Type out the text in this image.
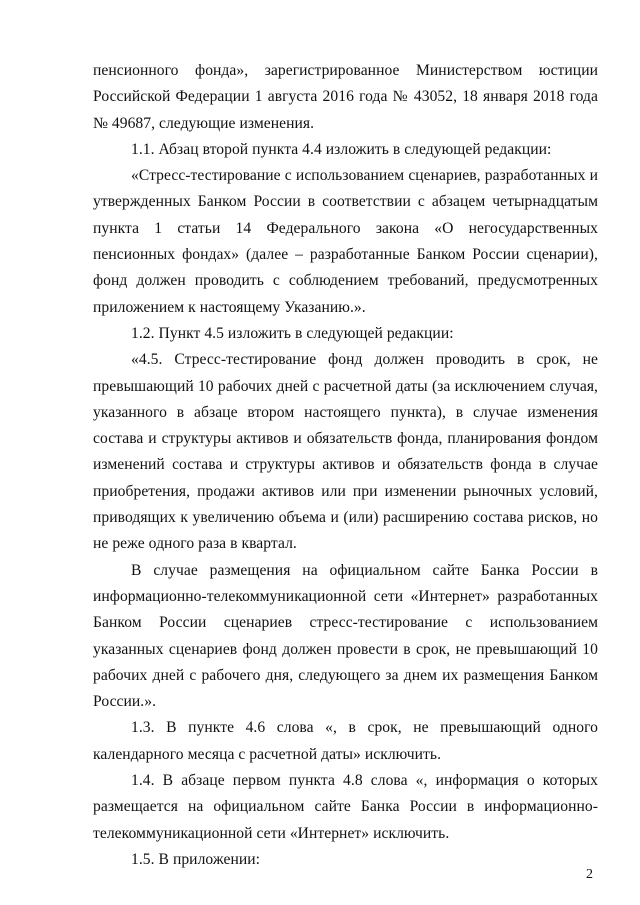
пенсионного фонда», зарегистрированное Министерством юстиции Российской Федерации 1 августа 2016 года № 43052, 18 января 2018 года № 49687, следующие изменения.

1.1. Абзац второй пункта 4.4 изложить в следующей редакции:

«Стресс-тестирование с использованием сценариев, разработанных и утвержденных Банком России в соответствии с абзацем четырнадцатым пункта 1 статьи 14 Федерального закона «О негосударственных пенсионных фондах» (далее – разработанные Банком России сценарии), фонд должен проводить с соблюдением требований, предусмотренных приложением к настоящему Указанию.».

1.2. Пункт 4.5 изложить в следующей редакции:

«4.5. Стресс-тестирование фонд должен проводить в срок, не превышающий 10 рабочих дней с расчетной даты (за исключением случая, указанного в абзаце втором настоящего пункта), в случае изменения состава и структуры активов и обязательств фонда, планирования фондом изменений состава и структуры активов и обязательств фонда в случае приобретения, продажи активов или при изменении рыночных условий, приводящих к увеличению объема и (или) расширению состава рисков, но не реже одного раза в квартал.

В случае размещения на официальном сайте Банка России в информационно-телекоммуникационной сети «Интернет» разработанных Банком России сценариев стресс-тестирование с использованием указанных сценариев фонд должен провести в срок, не превышающий 10 рабочих дней с рабочего дня, следующего за днем их размещения Банком России.».

1.3. В пункте 4.6 слова «, в срок, не превышающий одного календарного месяца с расчетной даты» исключить.

1.4. В абзаце первом пункта 4.8 слова «, информация о которых размещается на официальном сайте Банка России в информационно-телекоммуникационной сети «Интернет» исключить.

1.5. В приложении:

2
